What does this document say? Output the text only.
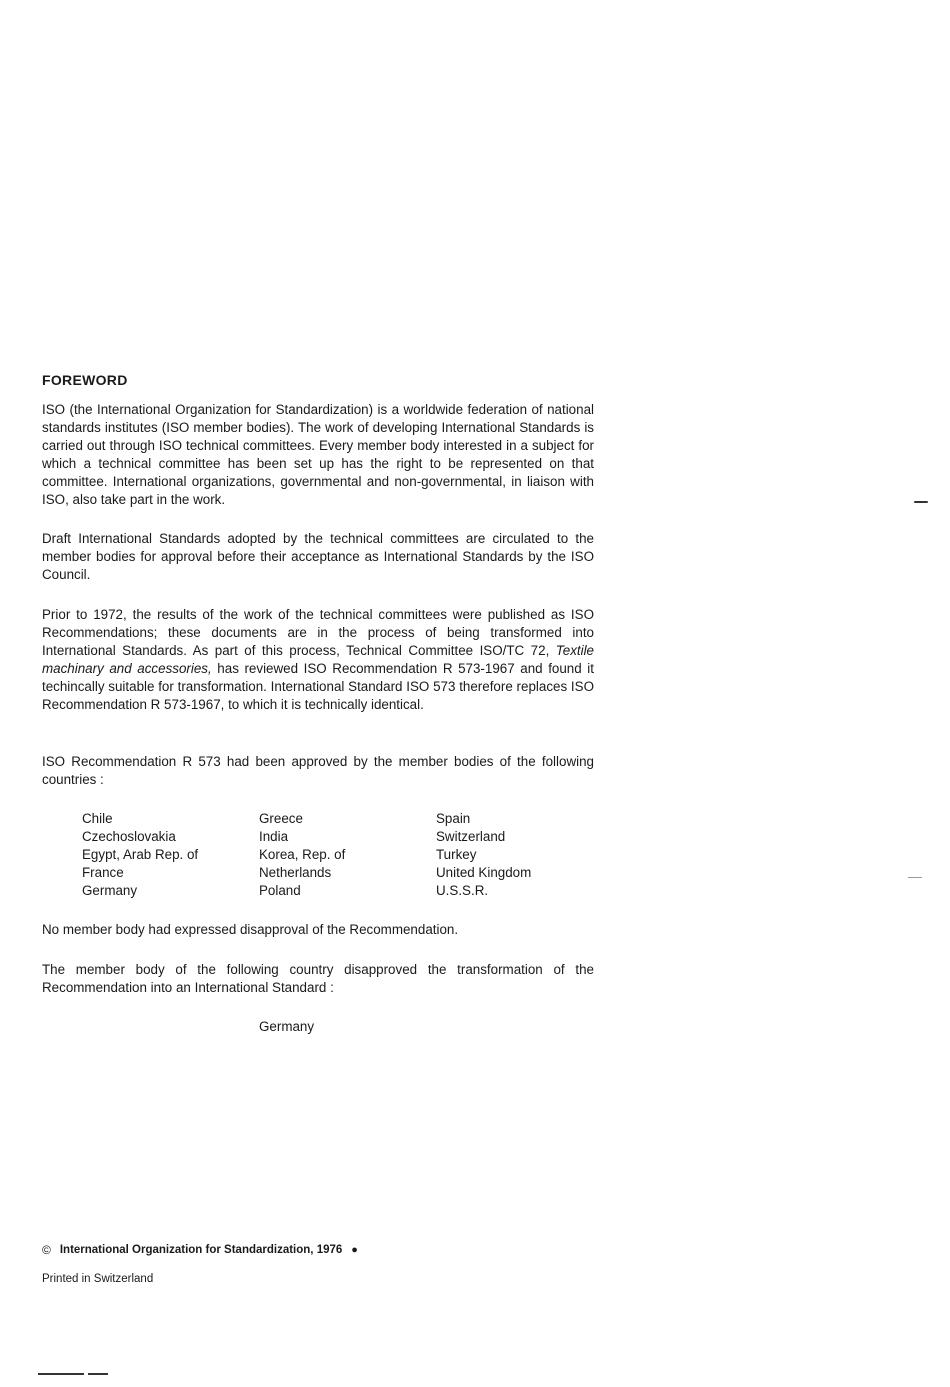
FOREWORD

ISO (the International Organization for Standardization) is a worldwide federation of national standards institutes (ISO member bodies). The work of developing International Standards is carried out through ISO technical committees. Every member body interested in a subject for which a technical committee has been set up has the right to be represented on that committee. International organizations, governmental and non-governmental, in liaison with ISO, also take part in the work.

Draft International Standards adopted by the technical committees are circulated to the member bodies for approval before their acceptance as International Standards by the ISO Council.

Prior to 1972, the results of the work of the technical committees were published as ISO Recommendations; these documents are in the process of being transformed into International Standards. As part of this process, Technical Committee ISO/TC 72, Textile machinary and accessories, has reviewed ISO Recommendation R 573-1967 and found it techincally suitable for transformation. International Standard ISO 573 therefore replaces ISO Recommendation R 573-1967, to which it is technically identical.

ISO Recommendation R 573 had been approved by the member bodies of the following countries :

Chile
Czechoslovakia
Egypt, Arab Rep. of
France
Germany
Greece
India
Korea, Rep. of
Netherlands
Poland
Spain
Switzerland
Turkey
United Kingdom
U.S.S.R.

No member body had expressed disapproval of the Recommendation.

The member body of the following country disapproved the transformation of the Recommendation into an International Standard :

Germany
© International Organization for Standardization, 1976 ●
Printed in Switzerland
